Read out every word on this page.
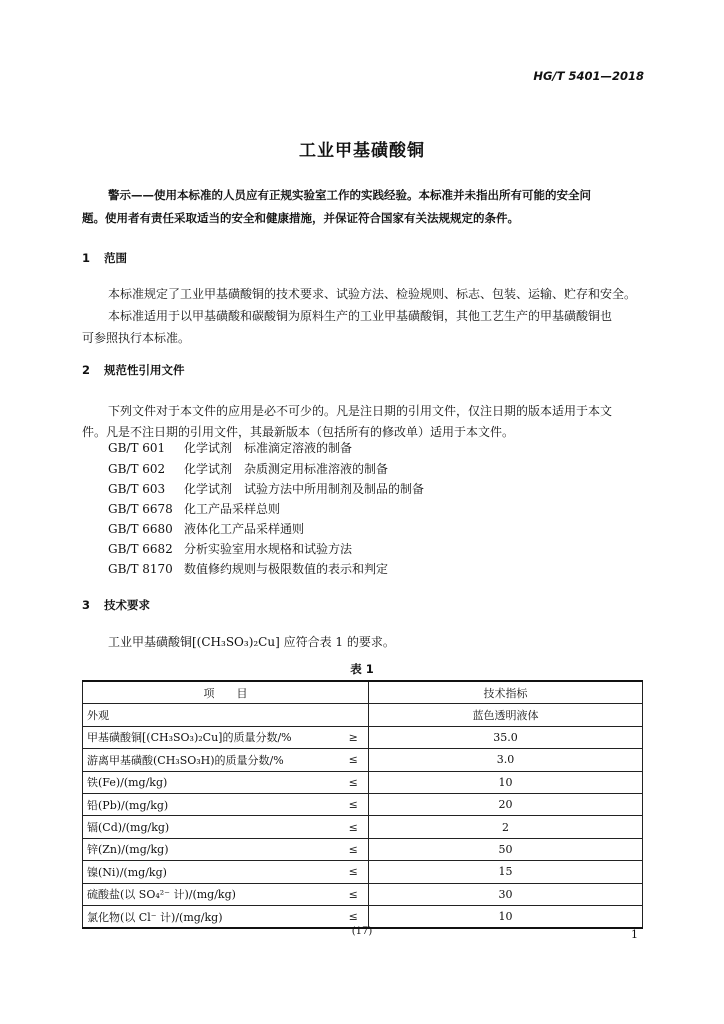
HG/T 5401—2018
工业甲基磺酸铜

警示——使用本标准的人员应有正规实验室工作的实践经验。本标准并未指出所有可能的安全问

题。使用者有责任采取适当的安全和健康措施，并保证符合国家有关法规规定的条件。

1 范围

本标准规定了工业甲基磺酸铜的技术要求、试验方法、检验规则、标志、包装、运输、贮存和安全。

本标准适用于以甲基磺酸和碳酸铜为原料生产的工业甲基磺酸铜，其他工艺生产的甲基磺酸铜也

可参照执行本标准。

2 规范性引用文件

下列文件对于本文件的应用是必不可少的。凡是注日期的引用文件，仅注日期的版本适用于本文

件。凡是不注日期的引用文件，其最新版本（包括所有的修改单）适用于本文件。

GB/T 601 化学试剂　标准滴定溶液的制备
GB/T 602 化学试剂　杂质测定用标准溶液的制备
GB/T 603 化学试剂　试验方法中所用制剂及制品的制备
GB/T 6678 化工产品采样总则
GB/T 6680 液体化工产品采样通则
GB/T 6682 分析实验室用水规格和试验方法
GB/T 8170 数值修约规则与极限数值的表示和判定
3 技术要求

工业甲基磺酸铜[(CH₃SO₃)₂Cu] 应符合表 1 的要求。

表 1
项　　目		技术指标
外观		蓝色透明液体
甲基磺酸铜[(CH₃SO₃)₂Cu]的质量分数/%	≥	35.0
游离甲基磺酸(CH₃SO₃H)的质量分数/%	≤	3.0
铁(Fe)/(mg/kg)	≤	10
铅(Pb)/(mg/kg)	≤	20
镉(Cd)/(mg/kg)	≤	2
锌(Zn)/(mg/kg)	≤	50
镍(Ni)/(mg/kg)	≤	15
硫酸盐(以 SO₄²⁻ 计)/(mg/kg)	≤	30
氯化物(以 Cl⁻ 计)/(mg/kg)	≤	10
(17)	1
